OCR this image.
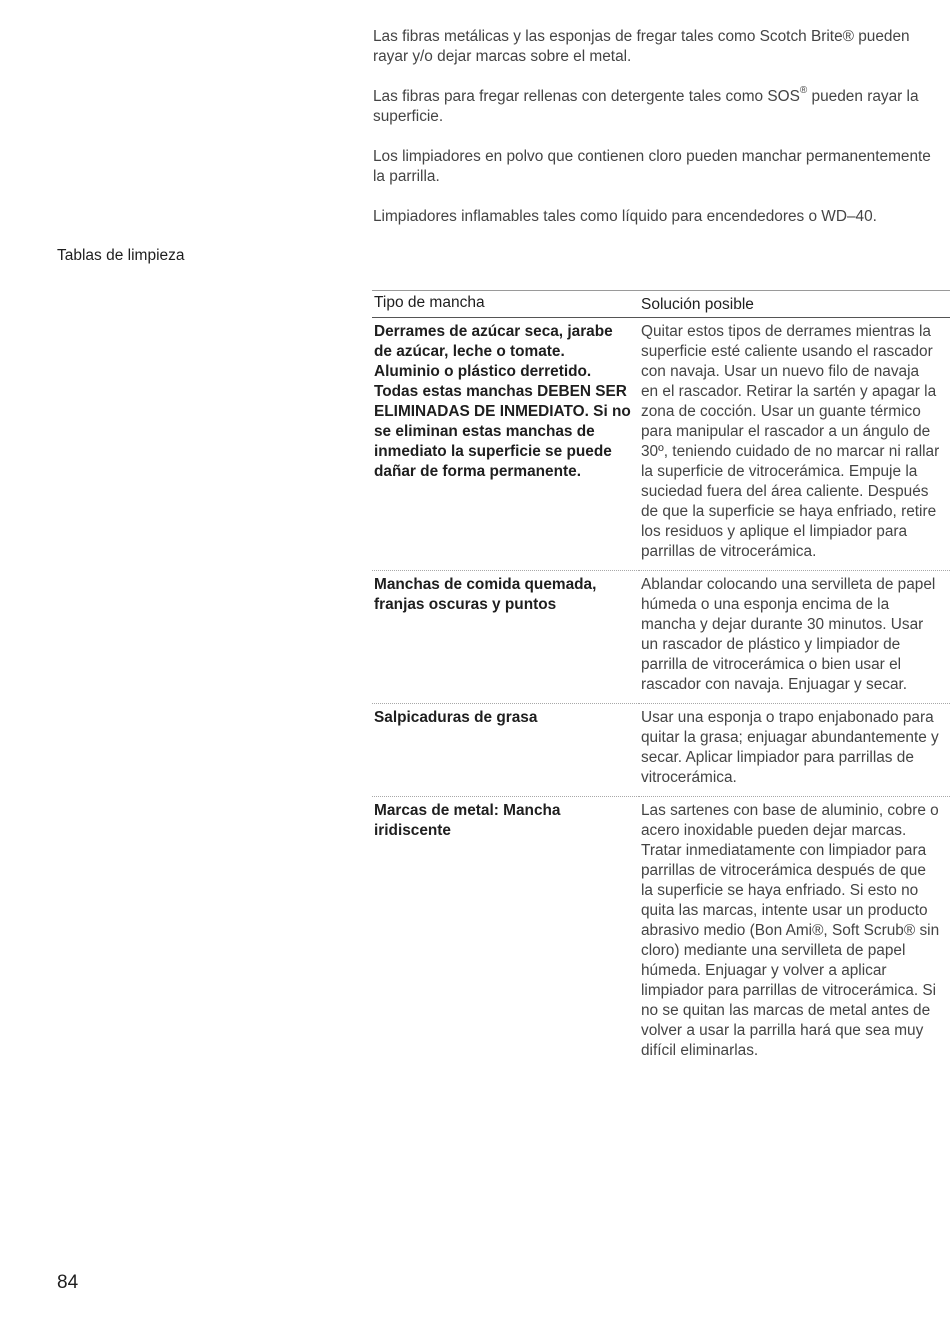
Las fibras metálicas y las esponjas de fregar tales como Scotch Brite® pueden rayar y/o dejar marcas sobre el metal.

Las fibras para fregar rellenas con detergente tales como SOS® pueden rayar la superficie.

Los limpiadores en polvo que contienen cloro pueden manchar permanentemente la parrilla.

Limpiadores inflamables tales como líquido para encendedores o WD–40.

Tablas de limpieza
Tipo de mancha	Solución posible
Derrames de azúcar seca, jarabe de azúcar, leche o tomate. Aluminio o plástico derretido. Todas estas manchas DEBEN SER ELIMINADAS DE INMEDIATO. Si no se eliminan estas manchas de inmediato la superficie se puede dañar de forma permanente.
Quitar estos tipos de derrames mientras la superficie esté caliente usando el rascador con navaja. Usar un nuevo filo de navaja en el rascador. Retirar la sartén y apagar la zona de cocción. Usar un guante térmico para manipular el rascador a un ángulo de 30º, teniendo cuidado de no marcar ni rallar la superficie de vitrocerámica. Empuje la suciedad fuera del área caliente. Después de que la superficie se haya enfriado, retire los residuos y aplique el limpiador para parrillas de vitrocerámica.
Manchas de comida quemada, franjas oscuras y puntos
Ablandar colocando una servilleta de papel húmeda o una esponja encima de la mancha y dejar durante 30 minutos. Usar un rascador de plástico y limpiador de parrilla de vitrocerámica o bien usar el rascador con navaja. Enjuagar y secar.
Salpicaduras de grasa	Usar una esponja o trapo enjabonado para quitar la grasa; enjuagar abundantemente y secar. Aplicar limpiador para parrillas de vitrocerámica.
Marcas de metal: Mancha iridiscente
Las sartenes con base de aluminio, cobre o acero inoxidable pueden dejar marcas. Tratar inmediatamente con limpiador para parrillas de vitrocerámica después de que la superficie se haya enfriado. Si esto no quita las marcas, intente usar un producto abrasivo medio (Bon Ami®, Soft Scrub® sin cloro) mediante una servilleta de papel húmeda. Enjuagar y volver a aplicar limpiador para parrillas de vitrocerámica. Si no se quitan las marcas de metal antes de volver a usar la parrilla hará que sea muy difícil eliminarlas.
84
